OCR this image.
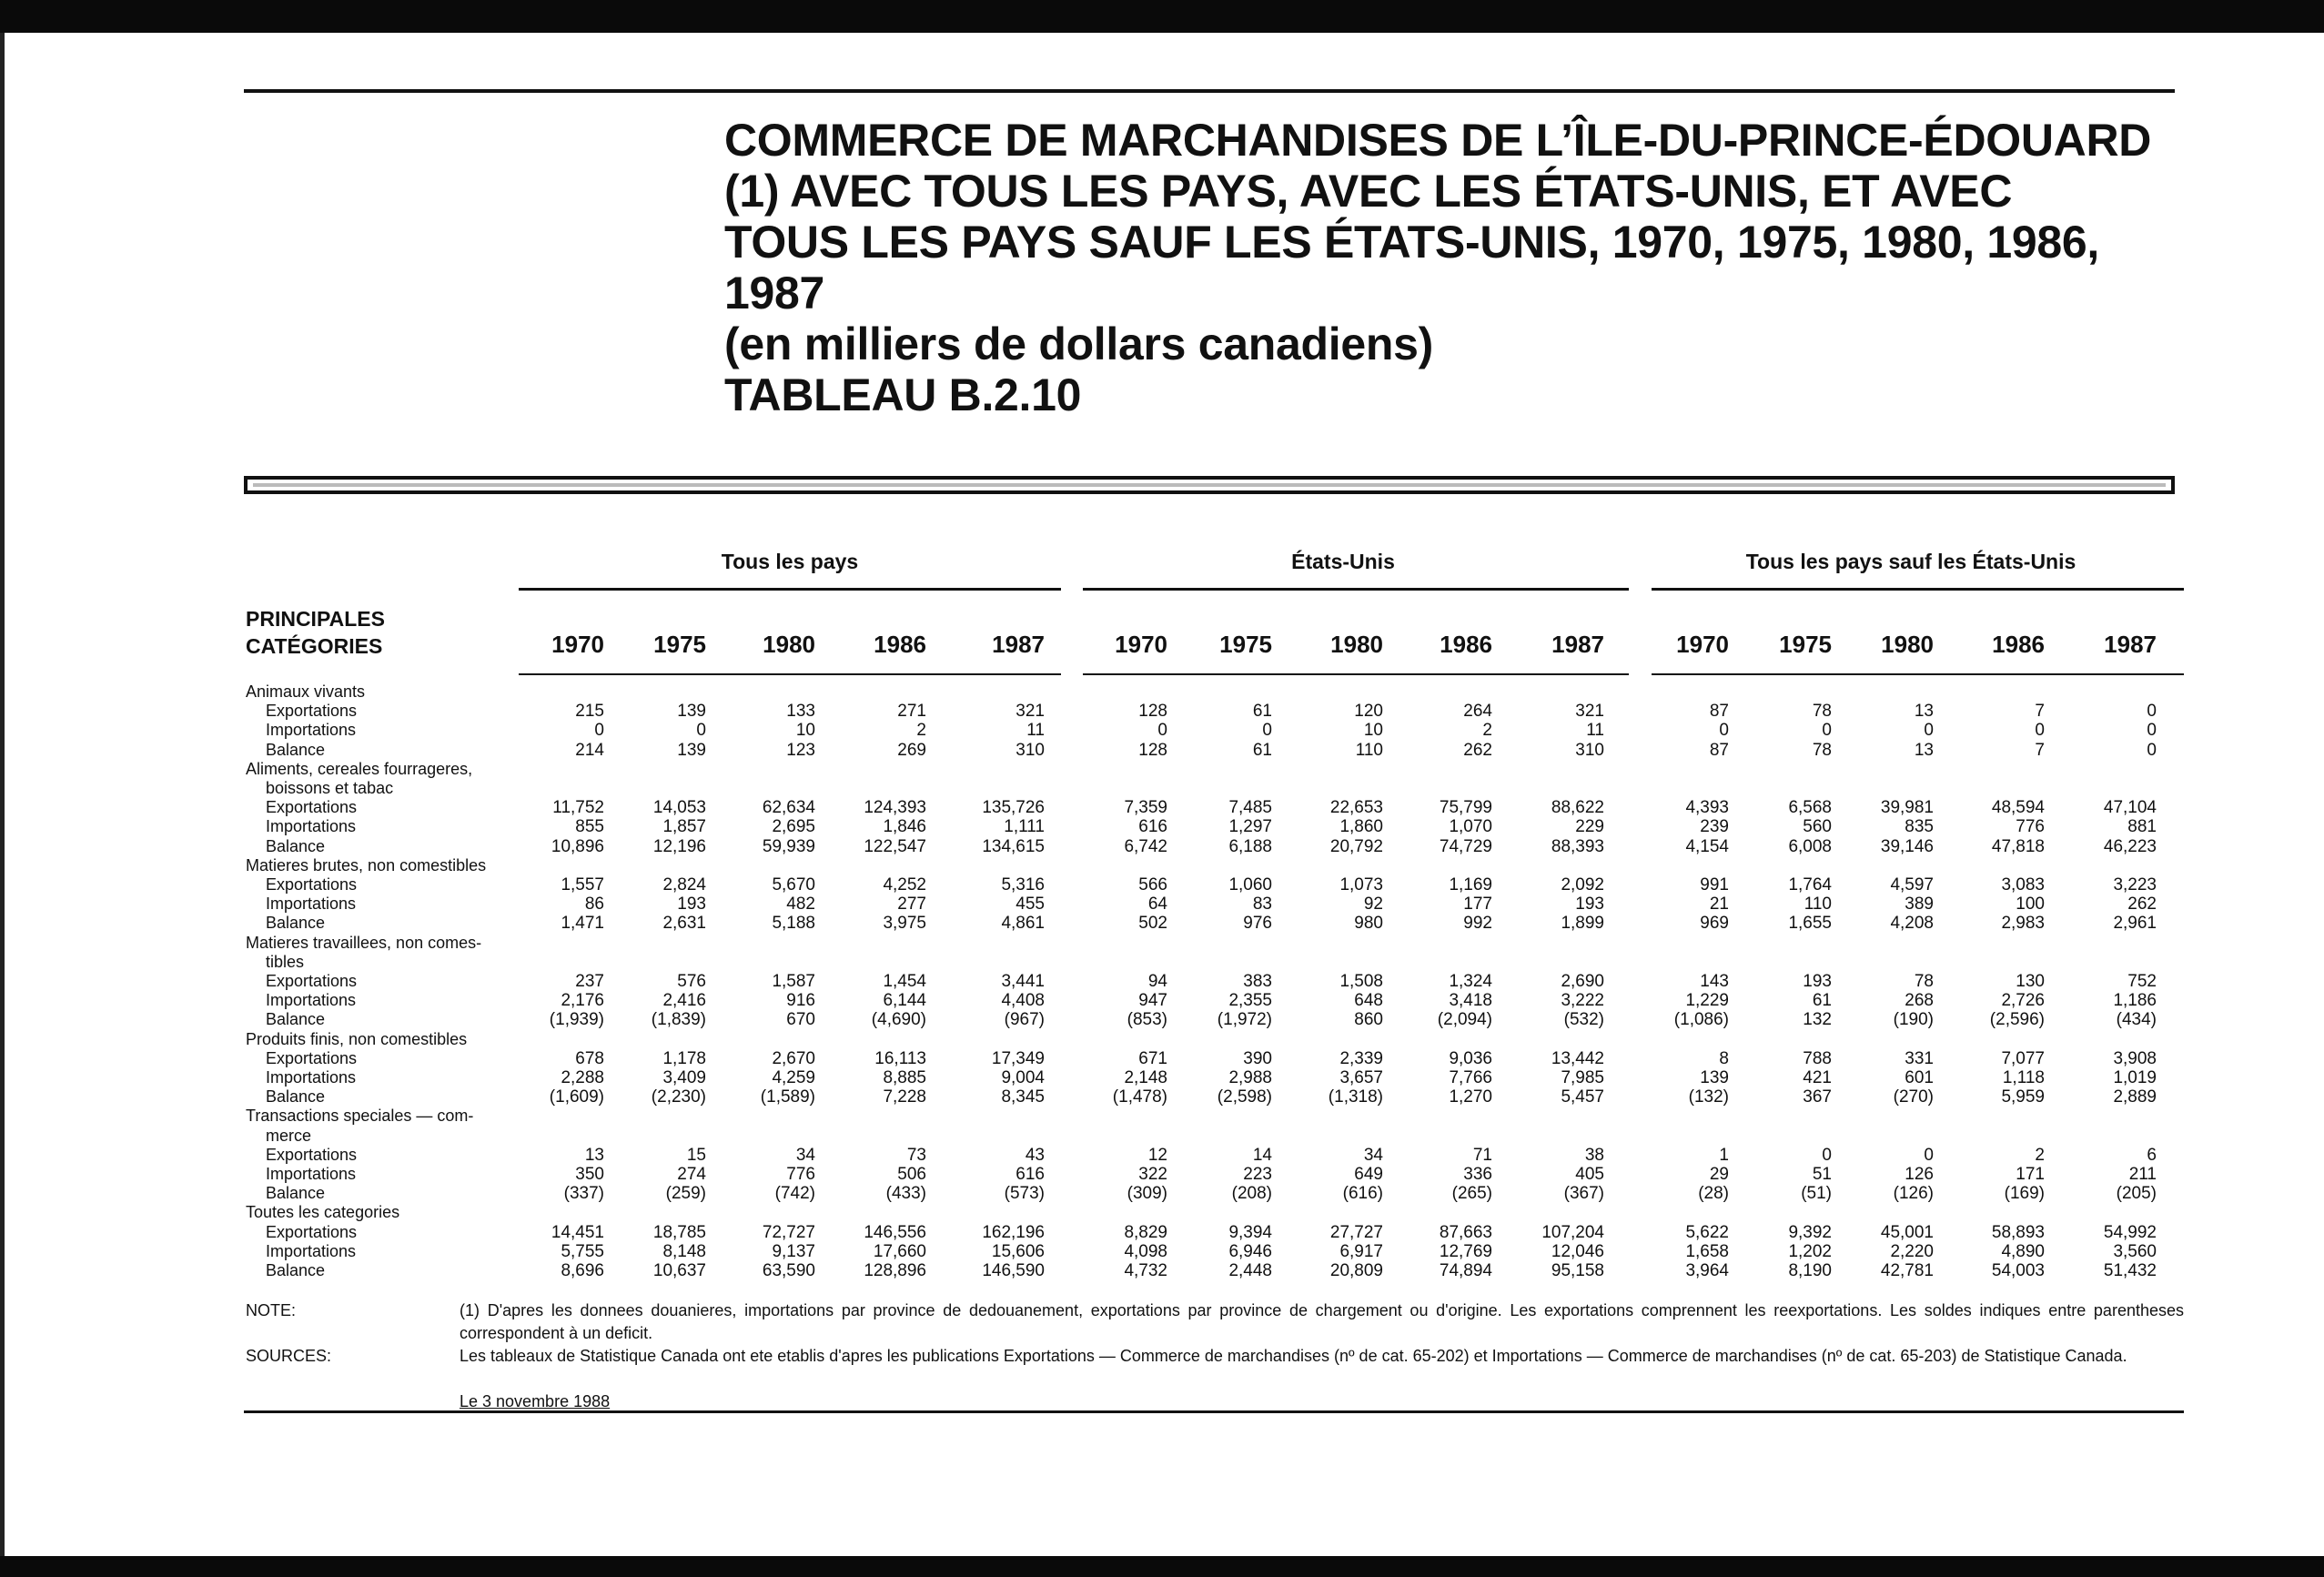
COMMERCE DE MARCHANDISES DE L’ÎLE-DU-PRINCE-ÉDOUARD
(1) AVEC TOUS LES PAYS, AVEC LES ÉTATS-UNIS, ET AVEC
TOUS LES PAYS SAUF LES ÉTATS-UNIS, 1970, 1975, 1980, 1986,
1987
(en milliers de dollars canadiens)
TABLEAU B.2.10
Tous les pays	États-Unis	Tous les pays sauf les États-Unis
PRINCIPALES
CATÉGORIES	1970	1975	1980	1986	1987	1970	1975	1980	1986	1987	1970	1975	1980	1986	1987
Animaux vivants
Exportations	215	139	133	271	321	128	61	120	264	321	87	78	13	7	0
Importations	0	0	10	2	11	0	0	10	2	11	0	0	0	0	0
Balance	214	139	123	269	310	128	61	110	262	310	87	78	13	7	0
Aliments, cereales fourrageres,
boissons et tabac
Exportations	11,752	14,053	62,634	124,393	135,726	7,359	7,485	22,653	75,799	88,622	4,393	6,568	39,981	48,594	47,104
Importations	855	1,857	2,695	1,846	1,111	616	1,297	1,860	1,070	229	239	560	835	776	881
Balance	10,896	12,196	59,939	122,547	134,615	6,742	6,188	20,792	74,729	88,393	4,154	6,008	39,146	47,818	46,223
Matieres brutes, non comestibles
Exportations	1,557	2,824	5,670	4,252	5,316	566	1,060	1,073	1,169	2,092	991	1,764	4,597	3,083	3,223
Importations	86	193	482	277	455	64	83	92	177	193	21	110	389	100	262
Balance	1,471	2,631	5,188	3,975	4,861	502	976	980	992	1,899	969	1,655	4,208	2,983	2,961
Matieres travaillees, non comes-
tibles
Exportations	237	576	1,587	1,454	3,441	94	383	1,508	1,324	2,690	143	193	78	130	752
Importations	2,176	2,416	916	6,144	4,408	947	2,355	648	3,418	3,222	1,229	61	268	2,726	1,186
Balance	(1,939)	(1,839)	670	(4,690)	(967)	(853)	(1,972)	860	(2,094)	(532)	(1,086)	132	(190)	(2,596)	(434)
Produits finis, non comestibles
Exportations	678	1,178	2,670	16,113	17,349	671	390	2,339	9,036	13,442	8	788	331	7,077	3,908
Importations	2,288	3,409	4,259	8,885	9,004	2,148	2,988	3,657	7,766	7,985	139	421	601	1,118	1,019
Balance	(1,609)	(2,230)	(1,589)	7,228	8,345	(1,478)	(2,598)	(1,318)	1,270	5,457	(132)	367	(270)	5,959	2,889
Transactions speciales — com-
merce
Exportations	13	15	34	73	43	12	14	34	71	38	1	0	0	2	6
Importations	350	274	776	506	616	322	223	649	336	405	29	51	126	171	211
Balance	(337)	(259)	(742)	(433)	(573)	(309)	(208)	(616)	(265)	(367)	(28)	(51)	(126)	(169)	(205)
Toutes les categories
Exportations	14,451	18,785	72,727	146,556	162,196	8,829	9,394	27,727	87,663	107,204	5,622	9,392	45,001	58,893	54,992
Importations	5,755	8,148	9,137	17,660	15,606	4,098	6,946	6,917	12,769	12,046	1,658	1,202	2,220	4,890	3,560
Balance	8,696	10,637	63,590	128,896	146,590	4,732	2,448	20,809	74,894	95,158	3,964	8,190	42,781	54,003	51,432
NOTE:	(1) D'apres les donnees douanieres, importations par province de dedouanement, exportations par province de chargement ou d'origine. Les exportations comprennent les reexportations. Les soldes indiques entre parentheses correspondent à un deficit.
SOURCES:	Les tableaux de Statistique Canada ont ete etablis d'apres les publications Exportations — Commerce de marchandises (nº de cat. 65-202) et Importations — Commerce de marchandises (nº de cat. 65-203) de Statistique Canada.
Le 3 novembre 1988
